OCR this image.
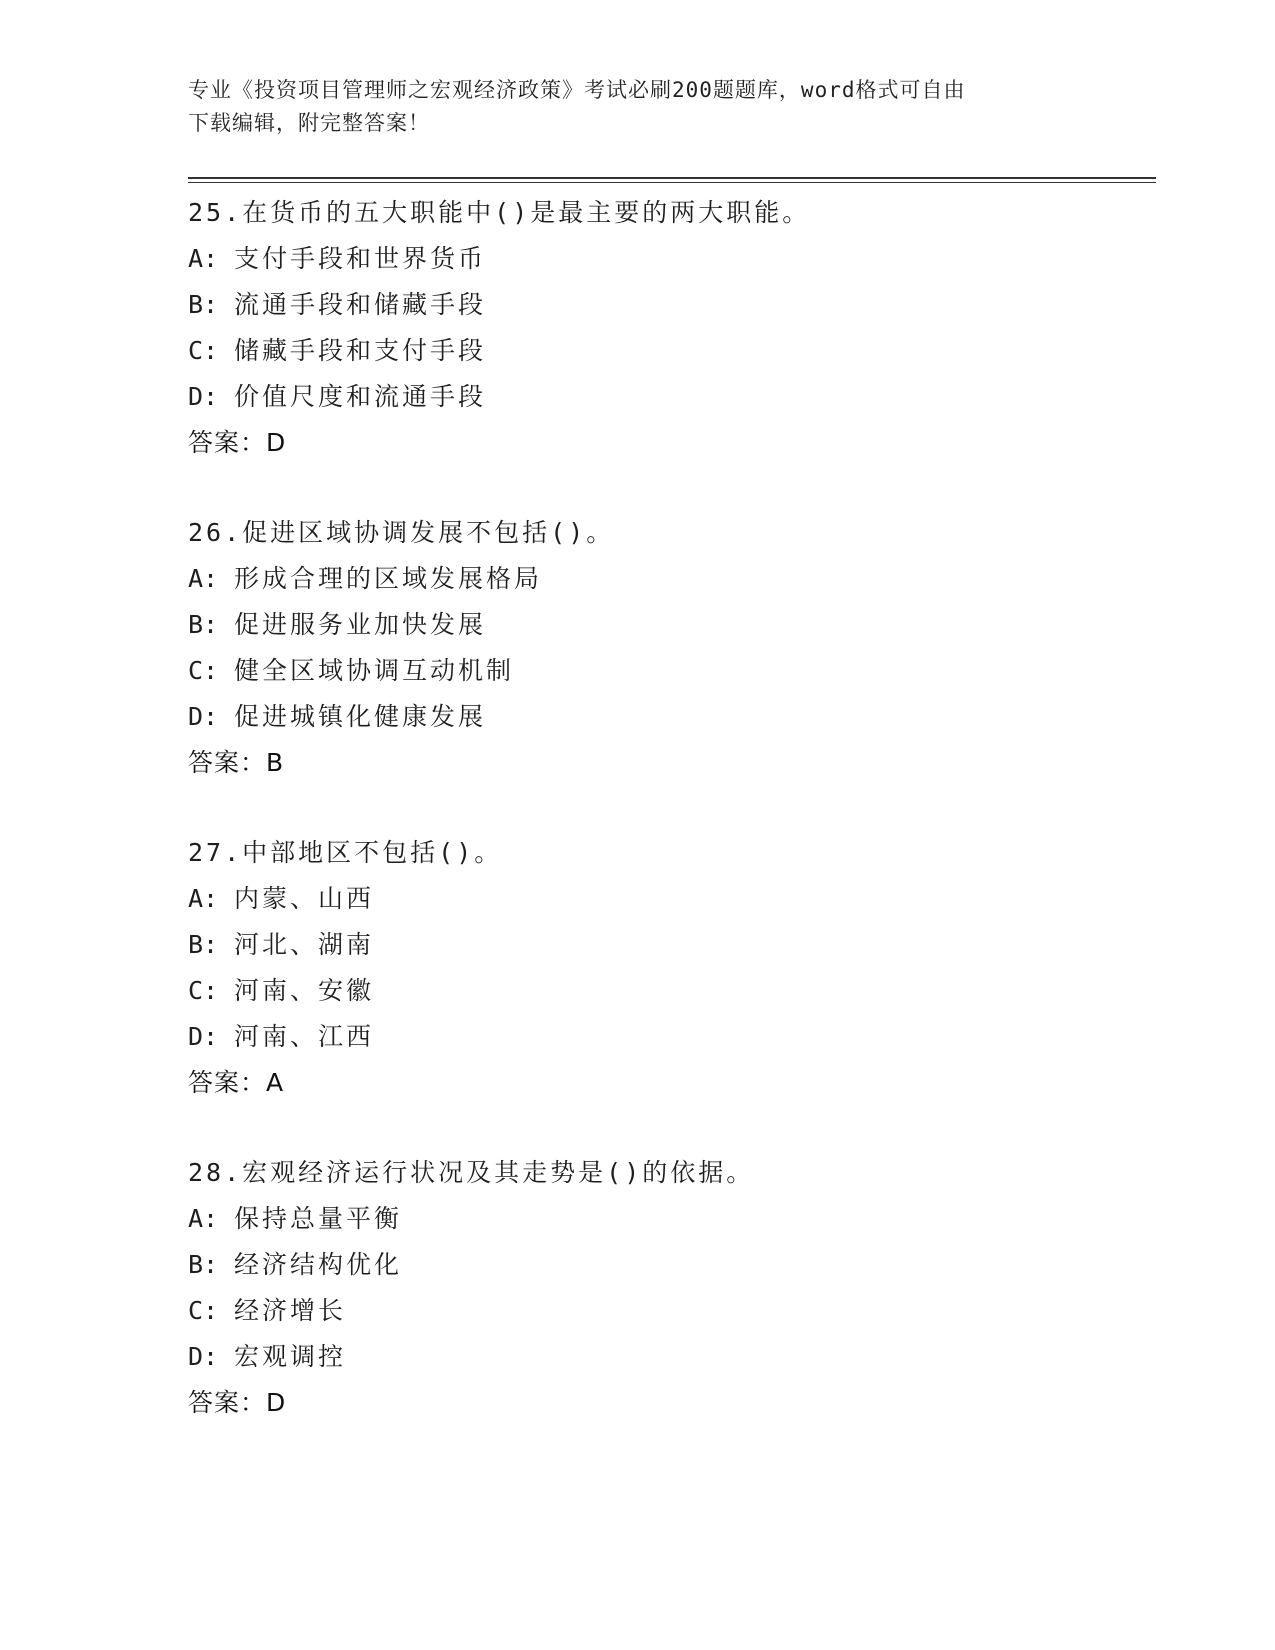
专业《投资项目管理师之宏观经济政策》考试必刷200题题库，word格式可自由
下载编辑，附完整答案！
25.在货币的五大职能中()是最主要的两大职能。
A: 支付手段和世界货币
B: 流通手段和储藏手段
C: 储藏手段和支付手段
D: 价值尺度和流通手段
答案：D
26.促进区域协调发展不包括()。
A: 形成合理的区域发展格局
B: 促进服务业加快发展
C: 健全区域协调互动机制
D: 促进城镇化健康发展
答案：B
27.中部地区不包括()。
A: 内蒙、山西
B: 河北、湖南
C: 河南、安徽
D: 河南、江西
答案：A
28.宏观经济运行状况及其走势是()的依据。
A: 保持总量平衡
B: 经济结构优化
C: 经济增长
D: 宏观调控
答案：D
